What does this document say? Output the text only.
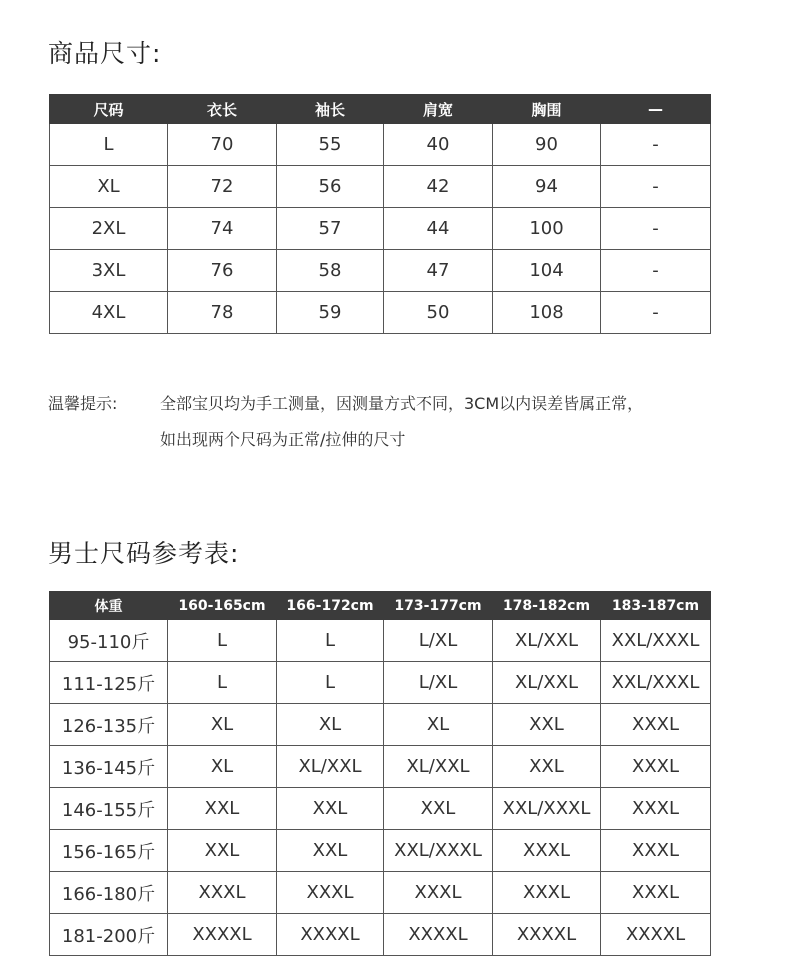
商品尺寸:
尺码	衣长	袖长	肩宽	胸围	—
L	70	55	40	90	-
XL	72	56	42	94	-
2XL	74	57	44	100	-
3XL	76	58	47	104	-
4XL	78	59	50	108	-
温馨提示:	全部宝贝均为手工测量，因测量方式不同，3CM以内误差皆属正常，
如出现两个尺码为正常/拉伸的尺寸
男士尺码参考表:
体重	160-165cm	166-172cm	173-177cm	178-182cm	183-187cm
95-110斤	L	L	L/XL	XL/XXL	XXL/XXXL
111-125斤	L	L	L/XL	XL/XXL	XXL/XXXL
126-135斤	XL	XL	XL	XXL	XXXL
136-145斤	XL	XL/XXL	XL/XXL	XXL	XXXL
146-155斤	XXL	XXL	XXL	XXL/XXXL	XXXL
156-165斤	XXL	XXL	XXL/XXXL	XXXL	XXXL
166-180斤	XXXL	XXXL	XXXL	XXXL	XXXL
181-200斤	XXXXL	XXXXL	XXXXL	XXXXL	XXXXL
